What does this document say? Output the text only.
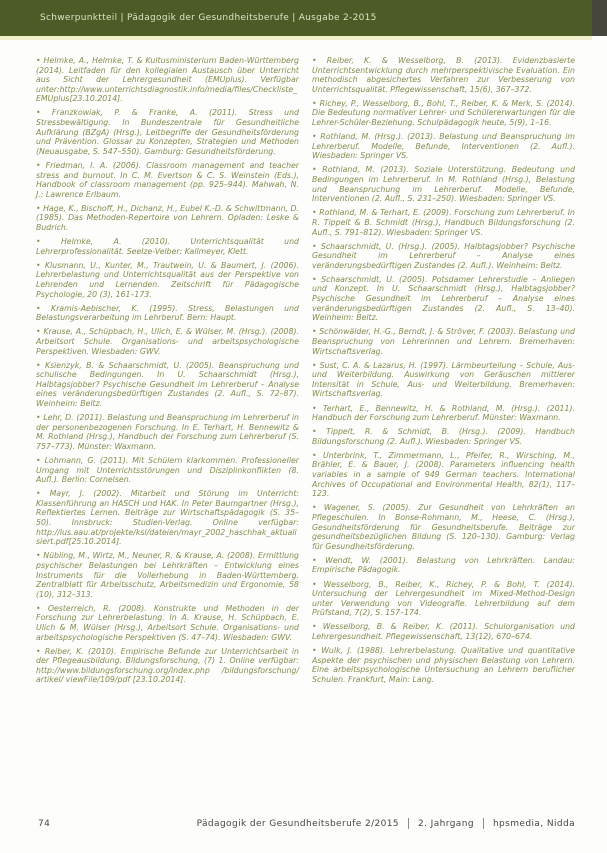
Schwerpunktteil | Pädagogik der Gesundheitsberufe | Ausgabe 2-2015

• Helmke, A., Helmke, T. & Kultusministerium Baden-Württemberg (2014). Leitfaden für den kollegialen Austausch über Unterricht aus Sicht der Lehrergesundheit (EMUplus). Verfügbar unter:http://www.unterrichtsdiagnostik.info/media/files/Checkliste_EMUplus[23.10.2014].

• Franzkowiak, P. & Franke, A. (2011). Stress und Stressbewältigung. In Bundeszentrale für Gesundheitliche Aufklärung (BZgA) (Hrsg.), Leitbegriffe der Gesundheitsförderung und Prävention. Glossar zu Konzepten, Strategien und Methoden (Neuausgabe, S. 547–550). Gamburg: Gesundheitsförderung.

• Friedman, I. A. (2006). Classroom management and teacher stress and burnout. In C. M. Evertson & C. S. Weinstein (Eds.), Handbook of classroom management (pp. 925–944). Mahwah, N. J.: Lawrence Erlbaum.

• Hage, K., Bischoff, H., Dichanz, H., Eubel K.-D. & Schwittmann, D. (1985). Das Methoden-Repertoire von Lehrern. Opladen: Leske & Budrich.

• Helmke, A. (2010). Unterrichtsqualität und Lehrerprofessionalität. Seelze-Velber: Kallmeyer, Klett.

• Klusmann, U., Kunter, M., Trautwein, U. & Baumert, J. (2006). Lehrerbelastung und Unterrichtsqualität aus der Perspektive von Lehrenden und Lernenden. Zeitschrift für Pädagogische Psychologie, 20 (3), 161–173.

• Kramis-Aebischer, K. (1995). Stress, Belastungen und Belastungsverarbeitung im Lehrberuf. Bern: Haupt.

• Krause, A., Schüpbach, H., Ulich, E. & Wülser, M. (Hrsg.). (2008). Arbeitsort Schule. Organisations- und arbeitspsychologische Perspektiven. Wiesbaden: GWV.

• Ksienzyk, B. & Schaarschmidt, U. (2005). Beanspruchung und schulische Bedingungen. In U. Schaarschmidt (Hrsg.), Halbtagsjobber? Psychische Gesundheit im Lehrerberuf – Analyse eines veränderungsbedürftigen Zustandes (2. Aufl., S. 72–87). Weinheim: Beltz.

• Lehr, D. (2011). Belastung und Beanspruchung im Lehrerberuf in der personenbezogenen Forschung. In E. Terhart, H. Bennewitz & M. Rothland (Hrsg.), Handbuch der Forschung zum Lehrerberuf (S. 757–773). Münster: Waxmann.

• Lohmann, G. (2011). Mit Schülern klarkommen. Professioneller Umgang mit Unterrichtsstörungen und Disziplinkonflikten (8. Aufl.). Berlin: Cornelsen.

• Mayr, J. (2002). Mitarbeit und Störung im Unterricht: Klassenführung an HASCH und HAK. In Peter Baumgartner (Hrsg.), Reflektiertes Lernen. Beiträge zur Wirtschaftspädagogik (S. 35–50). Innsbruck: Studien-Verlag. Online verfügbar: http://ius.aau.at/projekte/ksl/dateien/mayr_2002_haschhak_aktualisiert.pdf[25.10.2014].

• Nübling, M., Wirtz, M., Neuner, R. & Krause, A. (2008). Ermittlung psychischer Belastungen bei Lehrkräften – Entwicklung eines Instruments für die Vollerhebung in Baden-Württemberg. Zentralblatt für Arbeitsschutz, Arbeitsmedizin und Ergonomie, 58 (10), 312–313.

• Oesterreich, R. (2008). Konstrukte und Methoden in der Forschung zur Lehrerbelastung. In A. Krause, H. Schüpbach, E. Ulich & M. Wülser (Hrsg.), Arbeitsort Schule. Organisations- und arbeitspsychologische Perspektiven (S. 47–74). Wiesbaden: GWV.

• Reiber, K. (2010). Empirische Befunde zur Unterrichtsarbeit in der Pflegeausbildung. Bildungsforschung, (7) 1. Online verfügbar: http://www.bildungsforschung.org/index.php /bildungsforschung/ artikel/ viewFile/109/pdf [23.10.2014].

• Reiber, K. & Wesselborg, B. (2013). Evidenzbasierte Unterrichtsentwicklung durch mehrperspektivische Evaluation. Ein methodisch abgesichertes Verfahren zur Verbesserung von Unterrichtsqualität. Pflegewissenschaft, 15(6), 367–372.

• Richey, P., Wesselborg, B., Bohl, T., Reiber, K. & Merk, S. (2014). Die Bedeutung normativer Lehrer- und Schülererwartungen für die Lehrer-Schüler-Beziehung. Schulpädagogik heute, 5(9), 1–16.

• Rothland, M. (Hrsg.). (2013). Belastung und Beanspruchung im Lehrerberuf. Modelle, Befunde, Interventionen (2. Aufl.). Wiesbaden: Springer VS.

• Rothland, M. (2013). Soziale Unterstützung. Bedeutung und Bedingungen im Lehrerberuf. In M. Rothland (Hrsg.), Belastung und Beanspruchung im Lehrerberuf. Modelle, Befunde, Interventionen (2. Aufl., S. 231–250). Wiesbaden: Springer VS.

• Rothland, M. & Terhart, E. (2009). Forschung zum Lehrerberuf. In R. Tippelt & B. Schmidt (Hrsg.), Handbuch Bildungsforschung (2. Aufl., S. 791–812). Wiesbaden: Springer VS.

• Schaarschmidt, U. (Hrsg.). (2005). Halbtagsjobber? Psychische Gesundheit im Lehrerberuf – Analyse eines veränderungsbedürftigen Zustandes (2. Aufl.). Weinheim: Beltz.

• Schaarschmidt, U. (2005). Potsdamer Lehrerstudie – Anliegen und Konzept. In U. Schaarschmidt (Hrsg.), Halbtagsjobber? Psychische Gesundheit im Lehrerberuf – Analyse eines veränderungsbedürftigen Zustandes (2. Aufl., S. 13–40). Weinheim: Beltz.

• Schönwälder, H.-G., Berndt, J. & Ströver, F. (2003). Belastung und Beanspruchung von Lehrerinnen und Lehrern. Bremerhaven: Wirtschaftsverlag.

• Sust, C. A. & Lazarus, H. (1997). Lärmbeurteilung – Schule, Aus- und Weiterbildung. Auswirkung von Geräuschen mittlerer Intensität in Schule, Aus- und Weiterbildung. Bremerhaven: Wirtschaftsverlag.

• Terhart, E., Bennewitz, H. & Rothland, M. (Hrsg.). (2011). Handbuch der Forschung zum Lehrerberuf. Münster: Waxmann.

• Tippelt, R. & Schmidt, B. (Hrsg.). (2009). Handbuch Bildungsforschung (2. Aufl.). Wiesbaden: Springer VS.

• Unterbrink, T., Zimmermann, L., Pfeifer, R., Wirsching, M., Brähler, E. & Bauer, J. (2008). Parameters influencing health variables in a sample of 949 German teachers. International Archives of Occupational and Environmental Health, 82(1), 117–123.

• Wagener, S. (2005). Zur Gesundheit von Lehrkräften an Pflegeschulen. In Bonse-Rohmann, M., Heese, C. (Hrsg.), Gesundheitsförderung für Gesundheitsberufe. Beiträge zur gesundheitsbezüglichen Bildung (S. 120–130). Gamburg: Verlag für Gesundheitsförderung.

• Wendt, W. (2001). Belastung von Lehrkräften. Landau: Empirische Pädagogik.

• Wesselborg, B., Reiber, K., Richey, P. & Bohl, T. (2014). Untersuchung der Lehrergesundheit im Mixed-Method-Design unter Verwendung von Videografie. Lehrerbildung auf dem Prüfstand, 7(2), S. 157–174.

• Wesselborg, B. & Reiber, K. (2011). Schulorganisation und Lehrergesundheit. Pflegewissenschaft, 13(12), 670–674.

• Wulk, J. (1988). Lehrerbelastung. Qualitative und quantitative Aspekte der psychischen und physischen Belastung von Lehrern. Eine arbeitspsychologische Untersuchung an Lehrern beruflicher Schulen. Frankfurt, Main: Lang.

74	Pädagogik der Gesundheitsberufe 2/2015 2. Jahrgang hpsmedia, Nidda
